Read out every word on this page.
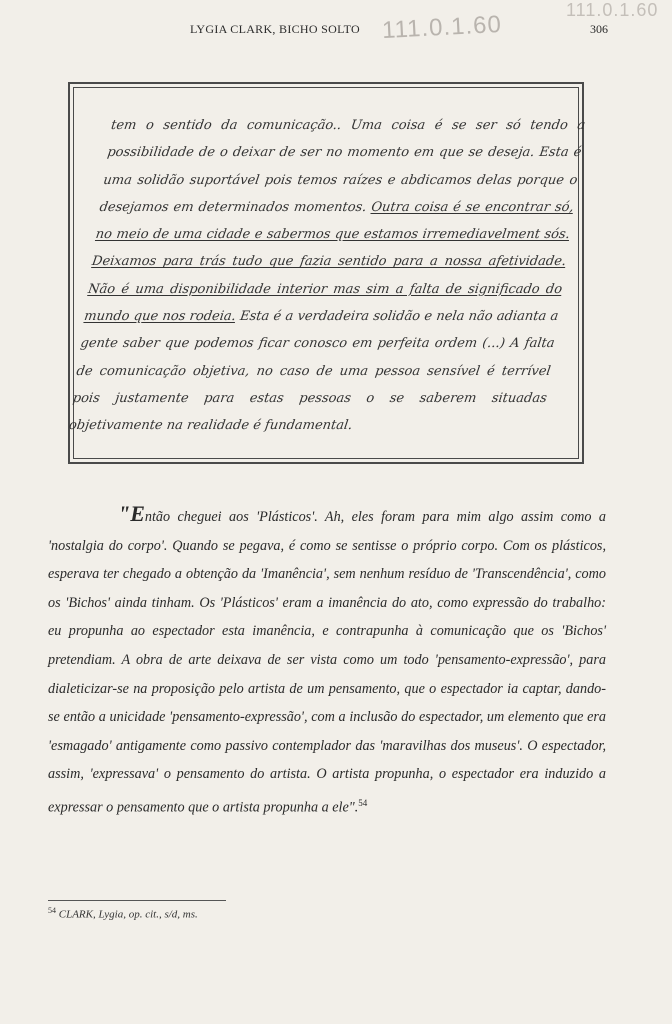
LYGIA CLARK, BICHO SOLTO 111.0.1.60
111.0.1.60
306

tem o sentido da comunicação.. Uma coisa é se ser só tendo a possibilidade de o deixar de ser no momento em que se deseja. Esta é uma solidão suportável pois temos raízes e abdicamos delas porque o desejamos em determinados momentos. Outra coisa é se encontrar só, no meio de uma cidade e sabermos que estamos irremediavelment sós. Deixamos para trás tudo que fazia sentido para a nossa afetividade. Não é uma disponibilidade interior mas sim a falta de significado do mundo que nos rodeia. Esta é a verdadeira solidão e nela não adianta a gente saber que podemos ficar conosco em perfeita ordem (...) A falta de comunicação objetiva, no caso de uma pessoa sensível é terrível pois justamente para estas pessoas o se saberem situadas objetivamente na realidade é fundamental.

"Então cheguei aos 'Plásticos'. Ah, eles foram para mim algo assim como a 'nostalgia do corpo'. Quando se pegava, é como se sentisse o próprio corpo. Com os plásticos, esperava ter chegado a obtenção da 'Imanência', sem nenhum resíduo de 'Transcendência', como os 'Bichos' ainda tinham. Os 'Plásticos' eram a imanência do ato, como expressão do trabalho: eu propunha ao espectador esta imanência, e contrapunha à comunicação que os 'Bichos' pretendiam. A obra de arte deixava de ser vista como um todo 'pensamento-expressão', para dialeticizar-se na proposição pelo artista de um pensamento, que o espectador ia captar, dando-se então a unicidade 'pensamento-expressão', com a inclusão do espectador, um elemento que era 'esmagado' antigamente como passivo contemplador das 'maravilhas dos museus'. O espectador, assim, 'expressava' o pensamento do artista. O artista propunha, o espectador era induzido a expressar o pensamento que o artista propunha a ele".$^{54}$

$^{54}$ CLARK, Lygia, op. cit., s/d, ms.
